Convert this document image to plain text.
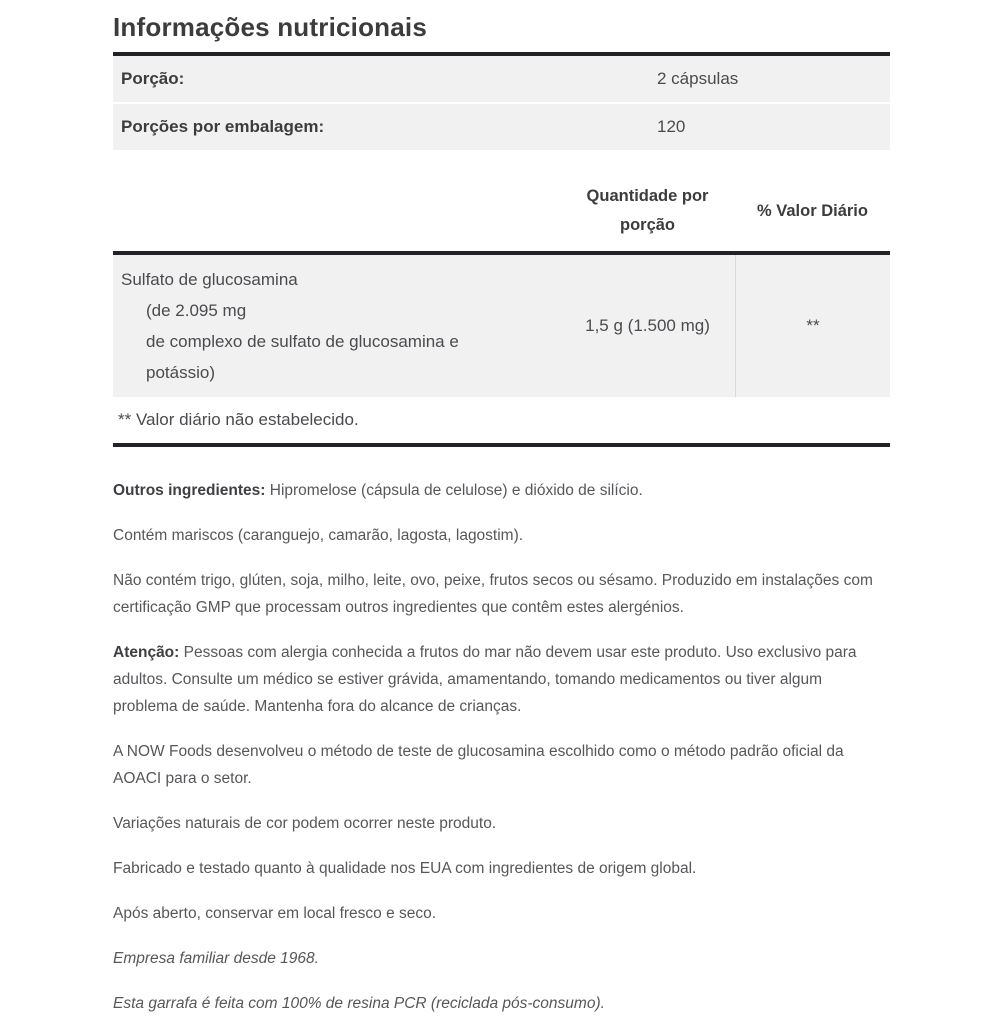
Informações nutricionais
Porção:	2 cápsulas
Porções por embalagem:	120
Quantidade por porção
% Valor Diário
Sulfato de glucosamina
(de 2.095 mg
de complexo de sulfato de glucosamina e
potássio)
1,5 g (1.500 mg)	**
** Valor diário não estabelecido.

Outros ingredientes: Hipromelose (cápsula de celulose) e dióxido de silício.

Contém mariscos (caranguejo, camarão, lagosta, lagostim).

Não contém trigo, glúten, soja, milho, leite, ovo, peixe, frutos secos ou sésamo. Produzido em instalações com certificação GMP que processam outros ingredientes que contêm estes alergénios.

Atenção: Pessoas com alergia conhecida a frutos do mar não devem usar este produto. Uso exclusivo para adultos. Consulte um médico se estiver grávida, amamentando, tomando medicamentos ou tiver algum problema de saúde. Mantenha fora do alcance de crianças.

A NOW Foods desenvolveu o método de teste de glucosamina escolhido como o método padrão oficial da AOACI para o setor.

Variações naturais de cor podem ocorrer neste produto.

Fabricado e testado quanto à qualidade nos EUA com ingredientes de origem global.

Após aberto, conservar em local fresco e seco.

Empresa familiar desde 1968.

Esta garrafa é feita com 100% de resina PCR (reciclada pós-consumo).
